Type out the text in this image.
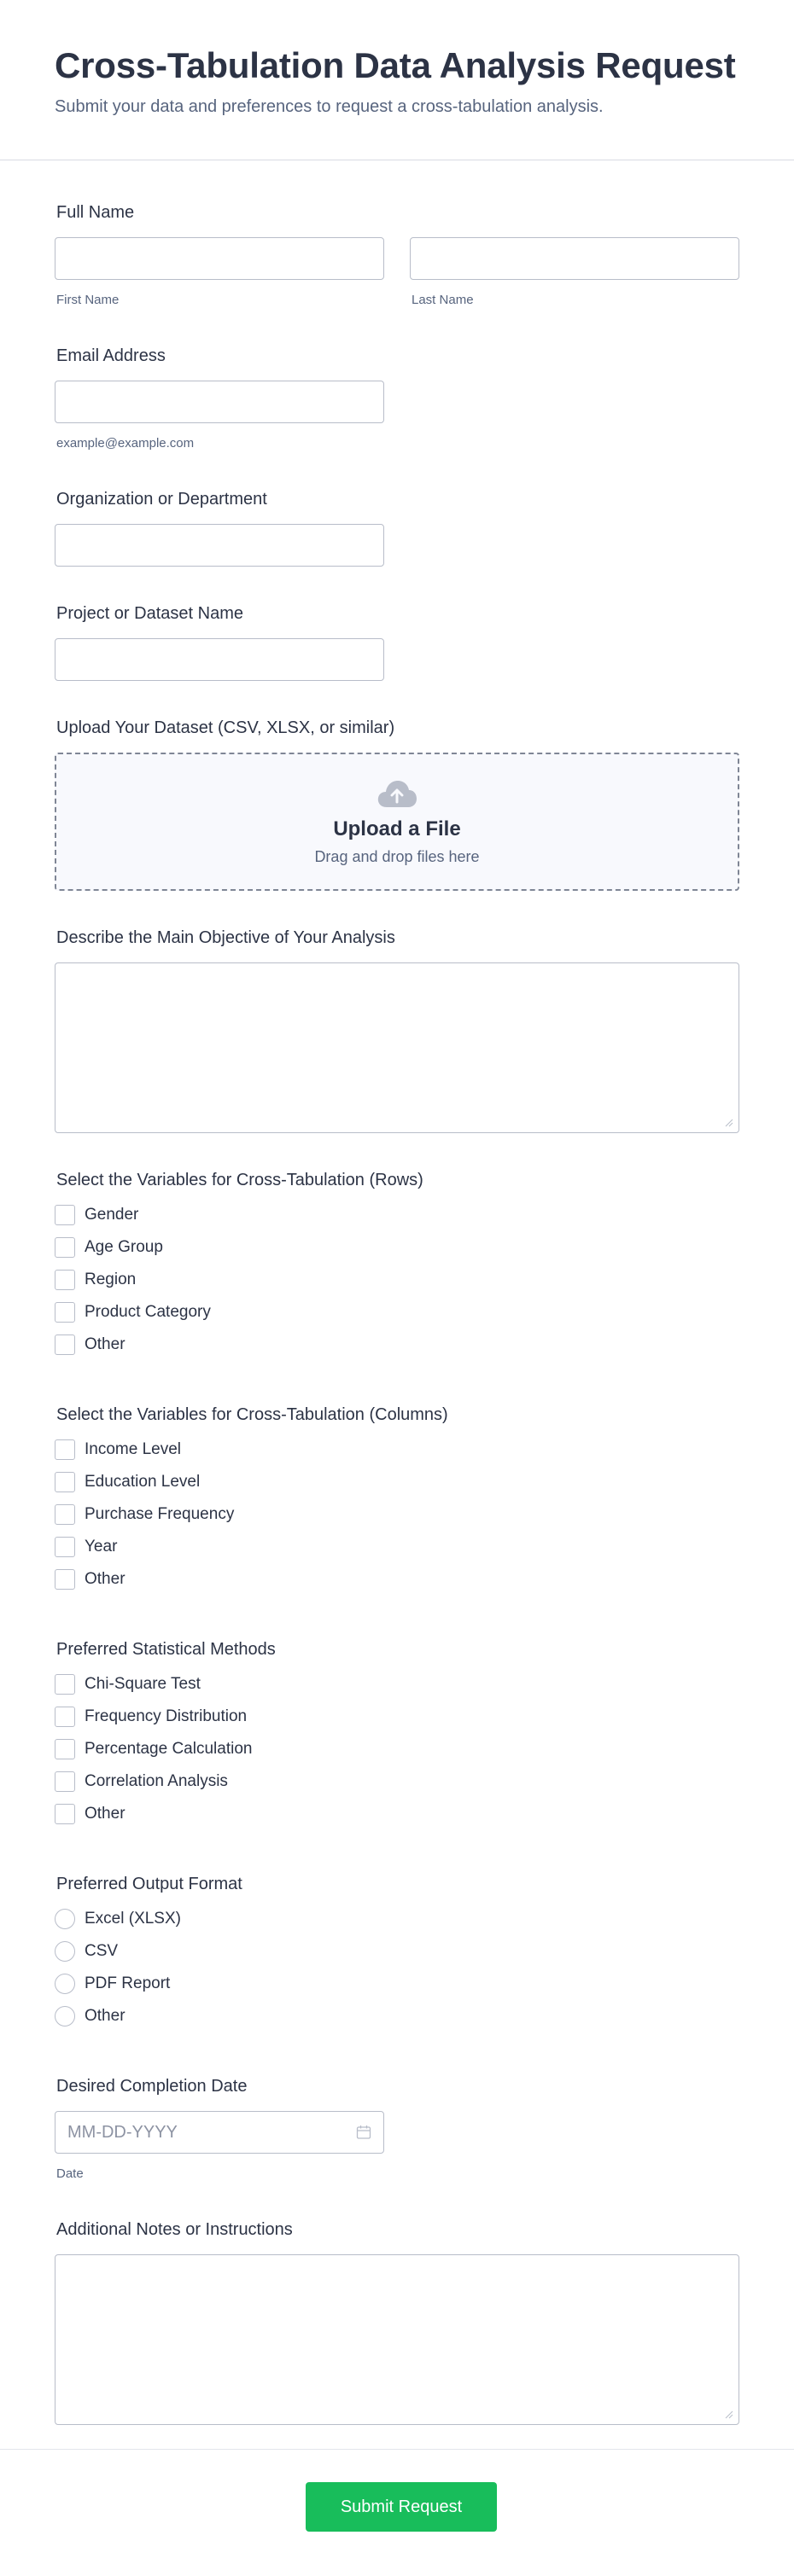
Cross-Tabulation Data Analysis Request

Submit your data and preferences to request a cross-tabulation analysis.

Full Name
First Name	Last Name
Email Address
example@example.com
Organization or Department
Project or Dataset Name
Upload Your Dataset (CSV, XLSX, or similar)
Upload a File
Drag and drop files here
Describe the Main Objective of Your Analysis
Select the Variables for Cross-Tabulation (Rows)
Gender
Age Group
Region
Product Category
Other
Select the Variables for Cross-Tabulation (Columns)
Income Level
Education Level
Purchase Frequency
Year
Other
Preferred Statistical Methods
Chi-Square Test
Frequency Distribution
Percentage Calculation
Correlation Analysis
Other
Preferred Output Format
Excel (XLSX)
CSV
PDF Report
Other
Desired Completion Date
MM-DD-YYYY
Date
Additional Notes or Instructions
Submit Request
